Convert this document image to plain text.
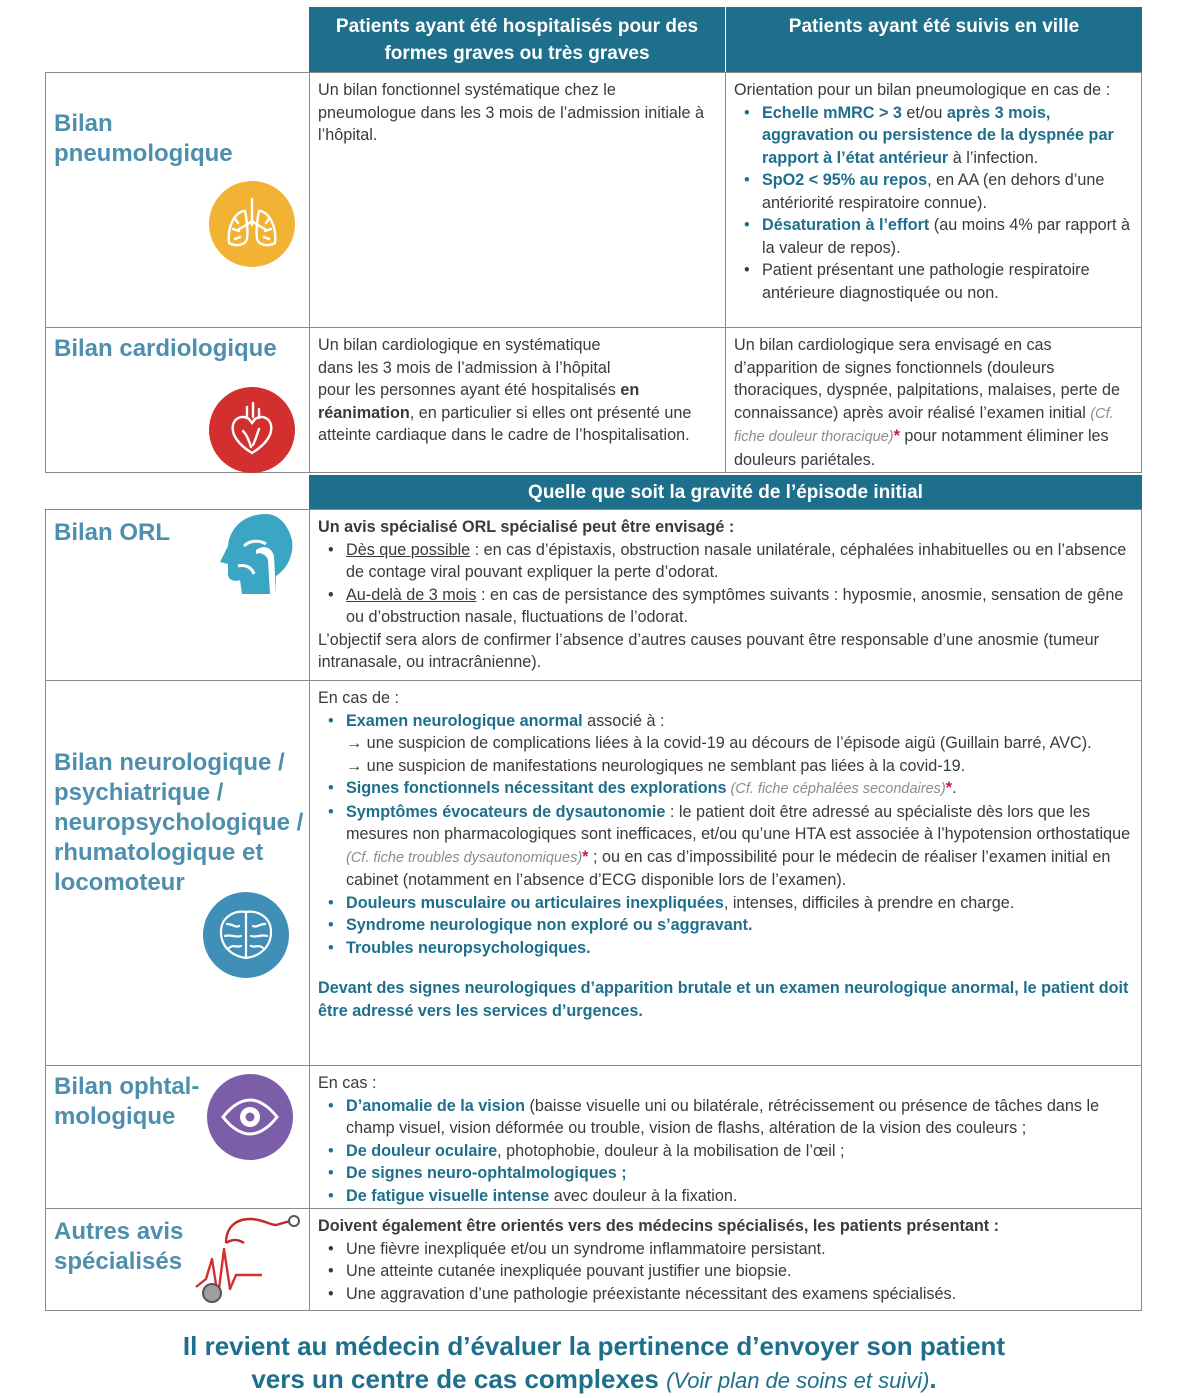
Patients ayant été hospitalisés pour des formes graves ou très graves
Patients ayant été suivis en ville
Bilan pneumologique

Un bilan fonctionnel systématique chez le pneumologue dans les 3 mois de l’admission initiale à l’hôpital.

Orientation pour un bilan pneumologique en cas de :

• Echelle mMRC > 3 et/ou après 3 mois, aggravation ou persistence de la dyspnée par rapport à l’état antérieur à l’infection.
• SpO2 < 95% au repos, en AA (en dehors d’une antériorité respiratoire connue).
• Désaturation à l’effort (au moins 4% par rapport à la valeur de repos).
• Patient présentant une pathologie respiratoire antérieure diagnostiquée ou non.
Bilan cardiologique	Un bilan cardiologique en systématique
dans les 3 mois de l’admission à l’hôpital
pour les personnes ayant été hospitalisés en réanimation, en particulier si elles ont présenté une atteinte cardiaque dans le cadre de l’hospitalisation.

Un bilan cardiologique sera envisagé en cas d’apparition de signes fonctionnels (douleurs thoraciques, dyspnée, palpitations, malaises, perte de connaissance) après avoir réalisé l’examen initial (Cf. fiche douleur thoracique)* pour notamment éliminer les douleurs pariétales.

Quelle que soit la gravité de l’épisode initial
Bilan ORL	Un avis spécialisé ORL spécialisé peut être envisagé :

• Dès que possible : en cas d’épistaxis, obstruction nasale unilatérale, céphalées inhabituelles ou en l’absence de contage viral pouvant expliquer la perte d’odorat.
• Au-delà de 3 mois : en cas de persistance des symptômes suivants : hyposmie, anosmie, sensation de gêne ou d’obstruction nasale, fluctuations de l’odorat.

L’objectif sera alors de confirmer l’absence d’autres causes pouvant être responsable d’une anosmie (tumeur intranasale, ou intracrânienne).

Bilan neurologique / psychiatrique / neuropsychologique / rhumatologique et locomoteur

En cas de :

• Examen neurologique anormal associé à :

→ une suspicion de complications liées à la covid-19 au décours de l’épisode aigü (Guillain barré, AVC).

→ une suspicion de manifestations neurologiques ne semblant pas liées à la covid-19.

• Signes fonctionnels nécessitant des explorations (Cf. fiche céphalées secondaires)*.
• Symptômes évocateurs de dysautonomie : le patient doit être adressé au spécialiste dès lors que les mesures non pharmacologiques sont inefficaces, et/ou qu’une HTA est associée à l’hypotension orthostatique (Cf. fiche troubles dysautonomiques)* ; ou en cas d’impossibilité pour le médecin de réaliser l’examen initial en cabinet (notamment en l’absence d’ECG disponible lors de l’examen).
• Douleurs musculaire ou articulaires inexpliquées, intenses, difficiles à prendre en charge.
• Syndrome neurologique non exploré ou s’aggravant.
• Troubles neuropsychologiques.

Devant des signes neurologiques d’apparition brutale et un examen neurologique anormal, le patient doit être adressé vers les services d’urgences.

Bilan ophtal-
mologique

En cas :

• D’anomalie de la vision (baisse visuelle uni ou bilatérale, rétrécissement ou présence de tâches dans le champ visuel, vision déformée ou trouble, vision de flashs, altération de la vision des couleurs ;
• De douleur oculaire, photophobie, douleur à la mobilisation de l’œil ;
• De signes neuro-ophtalmologiques ;
• De fatigue visuelle intense avec douleur à la fixation.
Autres avis
spécialisés

Doivent également être orientés vers des médecins spécialisés, les patients présentant :

• Une fièvre inexpliquée et/ou un syndrome inflammatoire persistant.
• Une atteinte cutanée inexpliquée pouvant justifier une biopsie.
• Une aggravation d’une pathologie préexistante nécessitant des examens spécialisés.
Il revient au médecin d’évaluer la pertinence d’envoyer son patient
vers un centre de cas complexes (Voir plan de soins et suivi).
